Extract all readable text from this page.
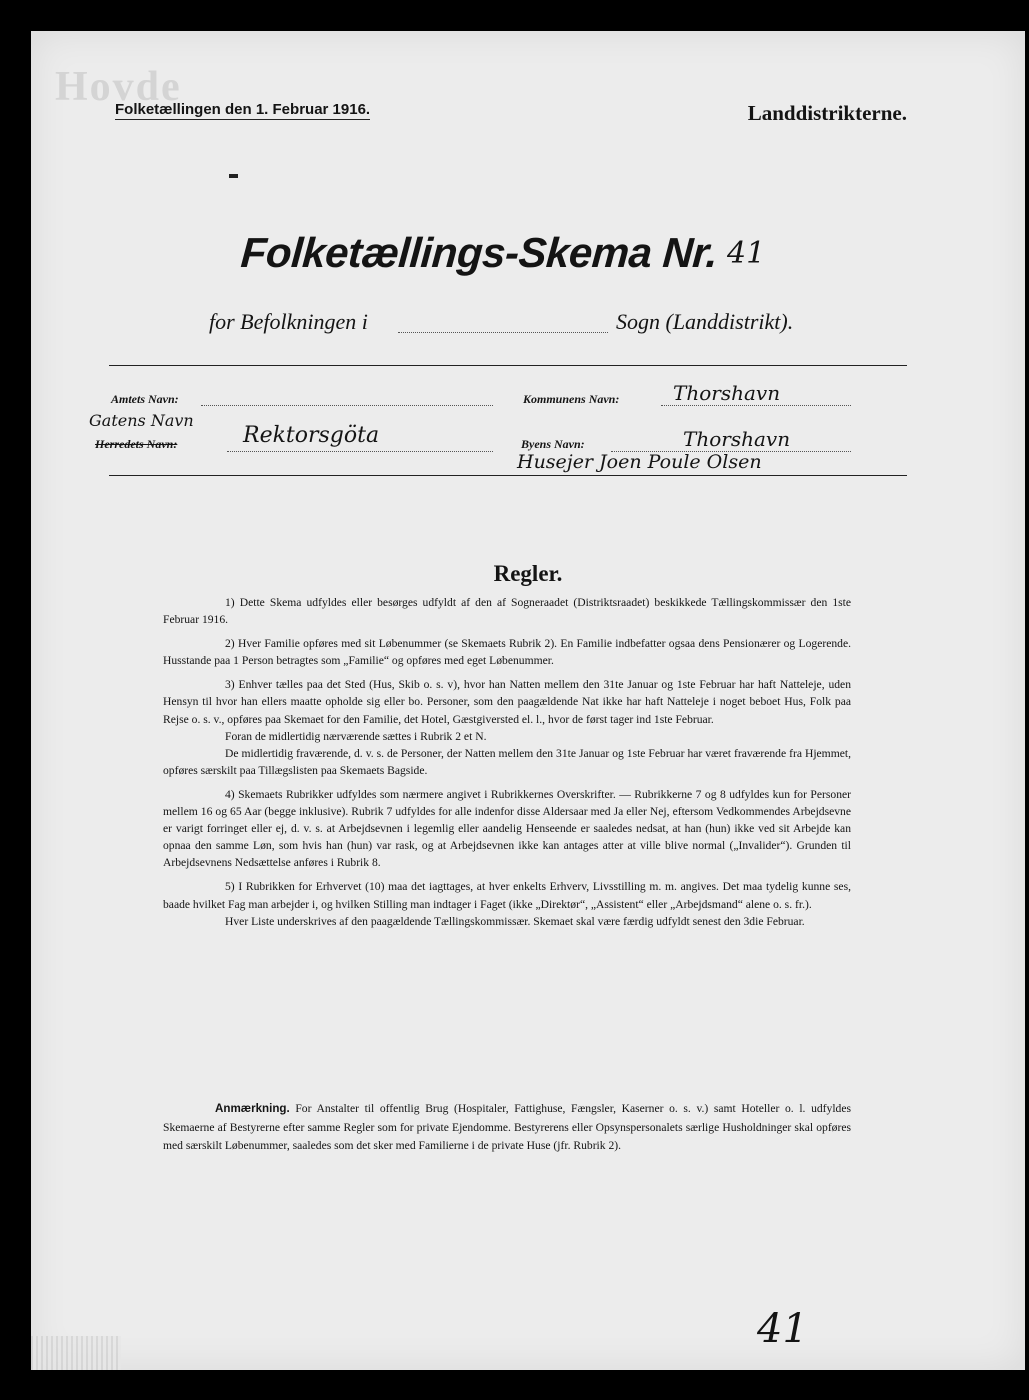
Hovde
Folketællingen den 1. Februar 1916.	Landdistrikterne.
Folketællings-Skema Nr. 41
for Befolkningen i	Sogn (Landdistrikt).
Amtets Navn:	Kommunens Navn:	Thorshavn
Gatens Navn
Herredets Navn:	Rektorsgöta	Byens Navn:	Thorshavn
Husejer Joen Poule Olsen
Regler.

1) Dette Skema udfyldes eller besørges udfyldt af den af Sogneraadet (Distriktsraadet) beskikkede Tællingskommissær den 1ste Februar 1916.

2) Hver Familie opføres med sit Løbenummer (se Skemaets Rubrik 2). En Familie indbefatter ogsaa dens Pensionærer og Logerende. Husstande paa 1 Person betragtes som „Familie“ og opføres med eget Løbenummer.

3) Enhver tælles paa det Sted (Hus, Skib o. s. v), hvor han Natten mellem den 31te Januar og 1ste Februar har haft Natteleje, uden Hensyn til hvor han ellers maatte opholde sig eller bo. Personer, som den paagældende Nat ikke har haft Natteleje i noget beboet Hus, Folk paa Rejse o. s. v., opføres paa Skemaet for den Familie, det Hotel, Gæstgiversted el. l., hvor de først tager ind 1ste Februar.

Foran de midlertidig nærværende sættes i Rubrik 2 et N.

De midlertidig fraværende, d. v. s. de Personer, der Natten mellem den 31te Januar og 1ste Februar har været fraværende fra Hjemmet, opføres særskilt paa Tillægslisten paa Skemaets Bagside.

4) Skemaets Rubrikker udfyldes som nærmere angivet i Rubrikkernes Overskrifter. — Rubrikkerne 7 og 8 udfyldes kun for Personer mellem 16 og 65 Aar (begge inklusive). Rubrik 7 udfyldes for alle indenfor disse Aldersaar med Ja eller Nej, eftersom Vedkommendes Arbejdsevne er varigt forringet eller ej, d. v. s. at Arbejdsevnen i legemlig eller aandelig Henseende er saaledes nedsat, at han (hun) ikke ved sit Arbejde kan opnaa den samme Løn, som hvis han (hun) var rask, og at Arbejdsevnen ikke kan antages atter at ville blive normal („Invalider“). Grunden til Arbejdsevnens Nedsættelse anføres i Rubrik 8.

5) I Rubrikken for Erhvervet (10) maa det iagttages, at hver enkelts Erhverv, Livsstilling m. m. angives. Det maa tydelig kunne ses, baade hvilket Fag man arbejder i, og hvilken Stilling man indtager i Faget (ikke „Direktør“, „Assistent“ eller „Arbejdsmand“ alene o. s. fr.).

Hver Liste underskrives af den paagældende Tællingskommissær. Skemaet skal være færdig udfyldt senest den 3die Februar.

Anmærkning. For Anstalter til offentlig Brug (Hospitaler, Fattighuse, Fængsler, Kaserner o. s. v.) samt Hoteller o. l. udfyldes Skemaerne af Bestyrerne efter samme Regler som for private Ejendomme. Bestyrerens eller Opsynspersonalets særlige Husholdninger skal opføres med særskilt Løbenummer, saaledes som det sker med Familierne i de private Huse (jfr. Rubrik 2).

41
